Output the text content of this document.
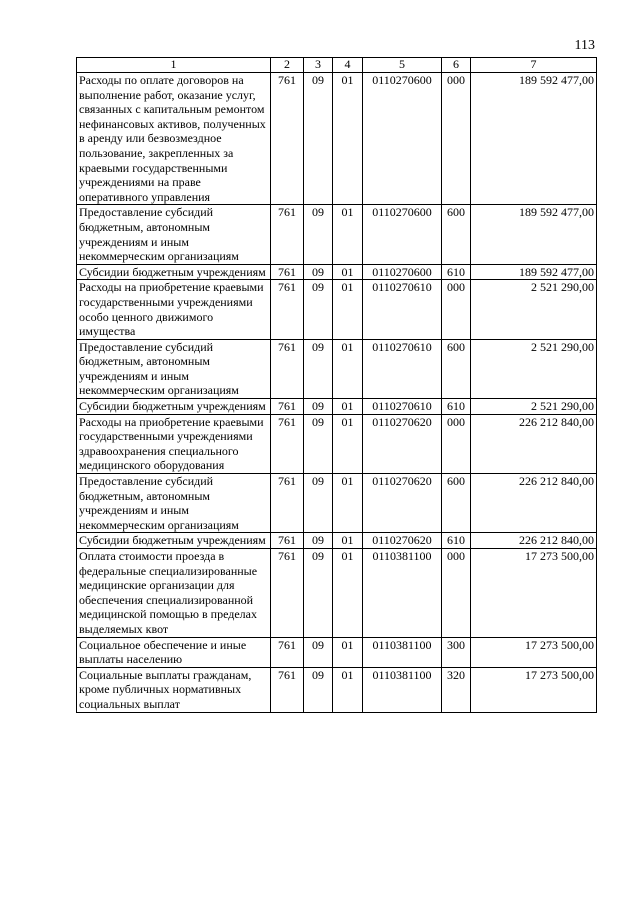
113
1	2	3	4	5	6	7
Расходы по оплате договоров на выполнение работ, оказание услуг, связанных с капитальным ремонтом нефинансовых активов, полученных в аренду или безвозмездное пользование, закрепленных за краевыми государственными учреждениями на праве оперативного управления	761	09	01	0110270600	000	189 592 477,00
Предоставление субсидий бюджетным, автономным учреждениям и иным некоммерческим организациям	761	09	01	0110270600	600	189 592 477,00
Субсидии бюджетным учреждениям	761	09	01	0110270600	610	189 592 477,00
Расходы на приобретение краевыми государственными учреждениями особо ценного движимого имущества	761	09	01	0110270610	000	2 521 290,00
Предоставление субсидий бюджетным, автономным учреждениям и иным некоммерческим организациям	761	09	01	0110270610	600	2 521 290,00
Субсидии бюджетным учреждениям	761	09	01	0110270610	610	2 521 290,00
Расходы на приобретение краевыми государственными учреждениями здравоохранения специального медицинского оборудования	761	09	01	0110270620	000	226 212 840,00
Предоставление субсидий бюджетным, автономным учреждениям и иным некоммерческим организациям	761	09	01	0110270620	600	226 212 840,00
Субсидии бюджетным учреждениям	761	09	01	0110270620	610	226 212 840,00
Оплата стоимости проезда в федеральные специализированные медицинские организации для обеспечения специализированной медицинской помощью в пределах выделяемых квот	761	09	01	0110381100	000	17 273 500,00
Социальное обеспечение и иные выплаты населению	761	09	01	0110381100	300	17 273 500,00
Социальные выплаты гражданам, кроме публичных нормативных социальных выплат	761	09	01	0110381100	320	17 273 500,00
